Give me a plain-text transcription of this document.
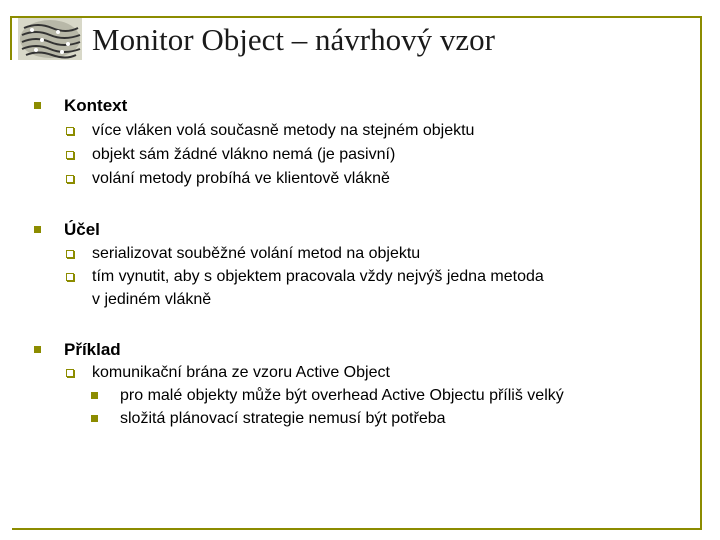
Monitor Object – návrhový vzor
Kontext
více vláken volá současně metody na stejném objektu
objekt sám žádné vlákno nemá (je pasivní)
volání metody probíhá ve klientově vlákně
Účel
serializovat souběžné volání metod na objektu
tím vynutit, aby s objektem pracovala vždy nejvýš jedna metoda
v jediném vlákně
Příklad
komunikační brána ze vzoru Active Object
pro malé objekty může být overhead Active Objectu příliš velký
složitá plánovací strategie nemusí být potřeba
